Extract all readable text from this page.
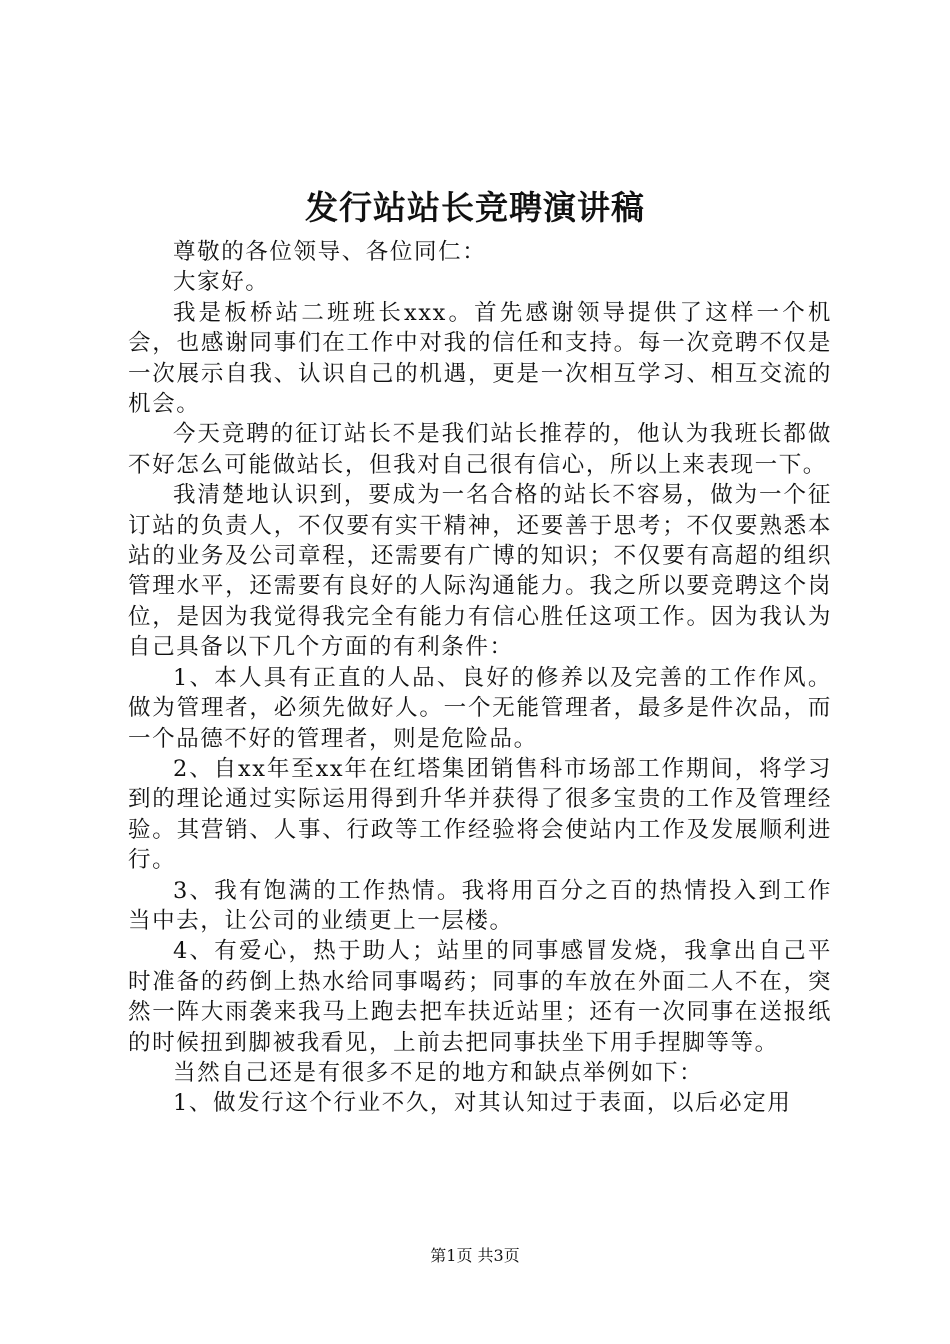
发行站站长竞聘演讲稿

尊敬的各位领导、各位同仁：

大家好。

我是板桥站二班班长xxx。首先感谢领导提供了这样一个机会，也感谢同事们在工作中对我的信任和支持。每一次竞聘不仅是一次展示自我、认识自己的机遇，更是一次相互学习、相互交流的机会。

今天竞聘的征订站长不是我们站长推荐的，他认为我班长都做不好怎么可能做站长，但我对自己很有信心，所以上来表现一下。

我清楚地认识到，要成为一名合格的站长不容易，做为一个征订站的负责人，不仅要有实干精神，还要善于思考；不仅要熟悉本站的业务及公司章程，还需要有广博的知识；不仅要有高超的组织管理水平，还需要有良好的人际沟通能力。我之所以要竞聘这个岗位，是因为我觉得我完全有能力有信心胜任这项工作。因为我认为自己具备以下几个方面的有利条件：

1、本人具有正直的人品、良好的修养以及完善的工作作风。做为管理者，必须先做好人。一个无能管理者，最多是件次品，而一个品德不好的管理者，则是危险品。

2、自xx年至xx年在红塔集团销售科市场部工作期间，将学习到的理论通过实际运用得到升华并获得了很多宝贵的工作及管理经验。其营销、人事、行政等工作经验将会使站内工作及发展顺利进行。

3、我有饱满的工作热情。我将用百分之百的热情投入到工作当中去，让公司的业绩更上一层楼。

4、有爱心，热于助人；站里的同事感冒发烧，我拿出自己平时准备的药倒上热水给同事喝药；同事的车放在外面二人不在，突然一阵大雨袭来我马上跑去把车扶近站里；还有一次同事在送报纸的时候扭到脚被我看见，上前去把同事扶坐下用手捏脚等等。

当然自己还是有很多不足的地方和缺点举例如下：

1、做发行这个行业不久，对其认知过于表面，以后必定用

第1页 共3页
